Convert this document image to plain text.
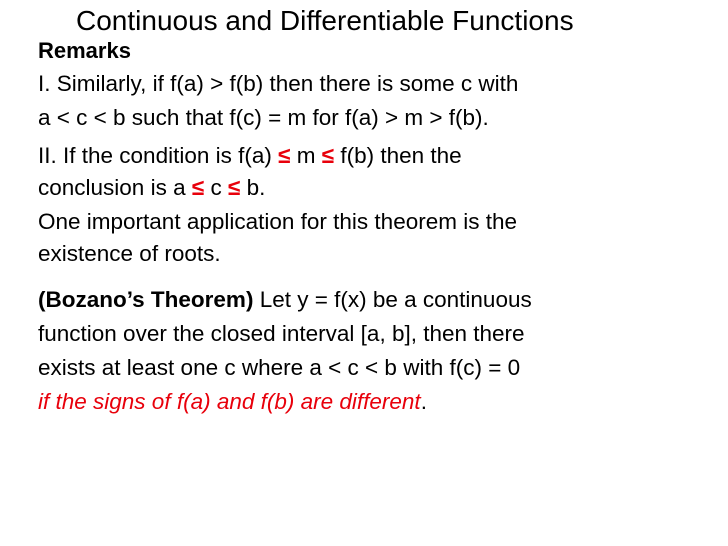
Continuous and Differentiable Functions
Remarks
I. Similarly, if f(a) > f(b) then there is some c with
a < c < b such that f(c) = m for f(a) > m > f(b).
II. If the condition is f(a) ≤ m ≤ f(b) then the
conclusion is a ≤ c ≤ b.
One important application for this theorem is the
existence of roots.
(Bozano’s Theorem) Let y = f(x) be a continuous
function over the closed interval [a, b], then there
exists at least one c where a < c < b with f(c) = 0
if the signs of f(a) and f(b) are different.
